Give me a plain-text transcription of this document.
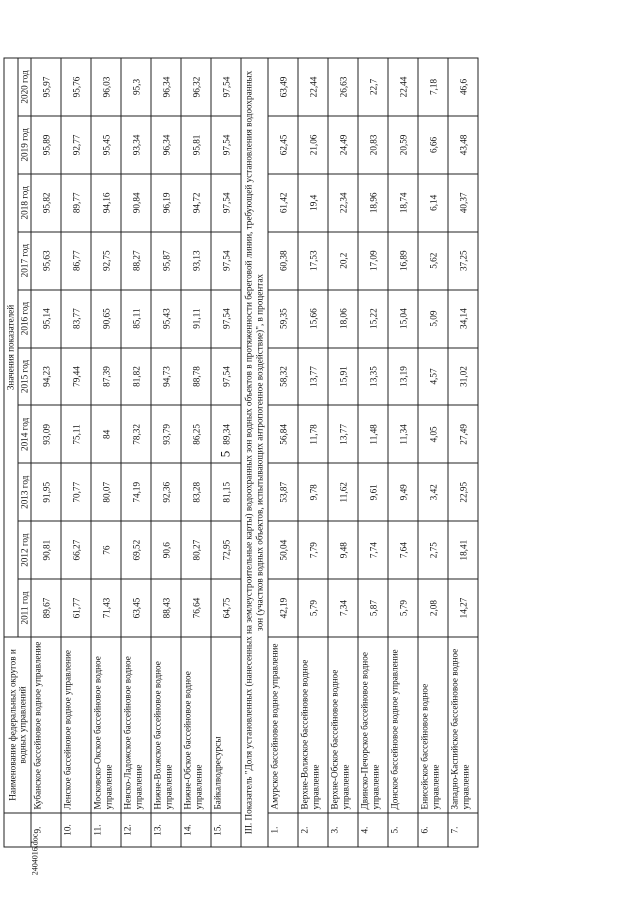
5
2404016.doc
	Наименование федеральных округов и водных управлений	Значения показателей									
		2011 год	2012 год	2013 год	2014 год	2015 год	2016 год	2017 год	2018 год	2019 год	2020 год
9.	Кубанское бассейновое водное управление	89,67	90,81	91,95	93,09	94,23	95,14	95,63	95,82	95,89	95,97
10.	Ленское бассейновое водное управление	61,77	66,27	70,77	75,11	79,44	83,77	86,77	89,77	92,77	95,76
11.	Московско-Окское бассейновое водное управление	71,43	76	80,07	84	87,39	90,65	92,75	94,16	95,45	96,03
12.	Невско-Ладожское бассейновое водное управление	63,45	69,52	74,19	78,32	81,82	85,11	88,27	90,84	93,34	95,3
13.	Нижне-Волжское бассейновое водное управление	88,43	90,6	92,36	93,79	94,73	95,43	95,87	96,19	96,34	96,34
14.	Нижне-Обское бассейновое водное управление	76,64	80,27	83,28	86,25	88,78	91,11	93,13	94,72	95,81	96,32
15.	Байкалводресурсы	64,75	72,95	81,15	89,34	97,54	97,54	97,54	97,54	97,54	97,54
III. Показатель "Доля установленных (нанесенных на землеустроительные карты) водоохранных зон водных объектов в протяженности береговой линии, требующей установления водоохранных зон (участков водных объектов, испытывающих антропогенное воздействие)", в процентах											
1.	Амурское бассейновое водное управление	42,19	50,04	53,87	56,84	58,32	59,35	60,38	61,42	62,45	63,49
2.	Верхне-Волжское бассейновое водное управление	5,79	7,79	9,78	11,78	13,77	15,66	17,53	19,4	21,06	22,44
3.	Верхне-Обское бассейновое водное управление	7,34	9,48	11,62	13,77	15,91	18,06	20,2	22,34	24,49	26,63
4.	Двинско-Печорское бассейновое водное управление	5,87	7,74	9,61	11,48	13,35	15,22	17,09	18,96	20,83	22,7
5.	Донское бассейновое водное управление	5,79	7,64	9,49	11,34	13,19	15,04	16,89	18,74	20,59	22,44
6.	Енисейское бассейновое водное управление	2,08	2,75	3,42	4,05	4,57	5,09	5,62	6,14	6,66	7,18
7.	Западно-Каспийское бассейновое водное управление	14,27	18,41	22,95	27,49	31,02	34,14	37,25	40,37	43,48	46,6
